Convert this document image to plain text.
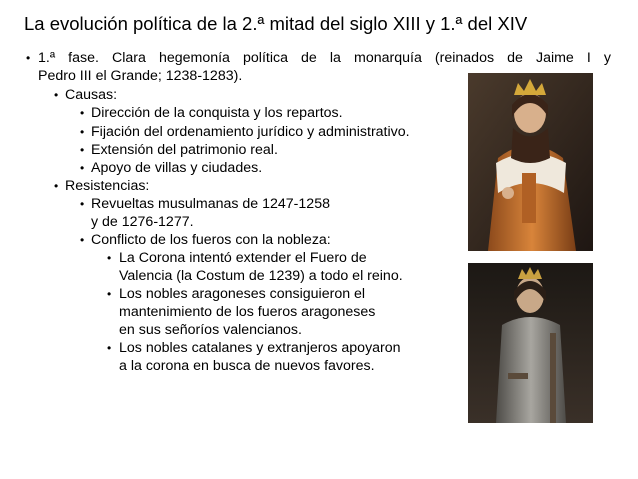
La evolución política de la 2.ª mitad del siglo XIII y 1.ª del XIV
• 1.ª fase. Clara hegemonía política de la monarquía (reinados de Jaime I y
Pedro III el Grande; 1238-1283).
• Causas:
• Dirección de la conquista y los repartos.
• Fijación del ordenamiento jurídico y administrativo.
• Extensión del patrimonio real.
• Apoyo de villas y ciudades.
• Resistencias:
• Revueltas musulmanas de 1247-1258
y de 1276-1277.
• Conflicto de los fueros con la nobleza:
• La Corona intentó extender el Fuero de
Valencia (la Costum de 1239) a todo el reino.
• Los nobles aragoneses consiguieron el
mantenimiento de los fueros aragoneses
en sus señoríos valencianos.
• Los nobles catalanes y extranjeros apoyaron
a la corona en busca de nuevos favores.
